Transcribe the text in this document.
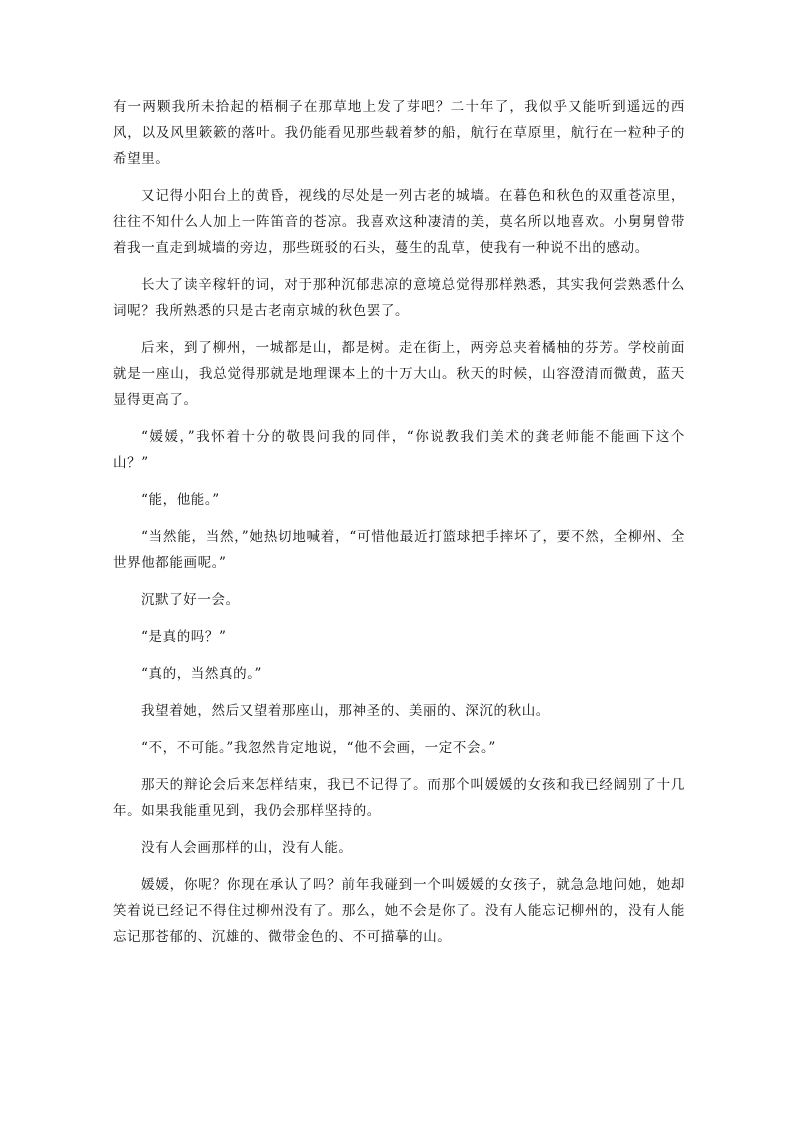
有一两颗我所未拾起的梧桐子在那草地上发了芽吧？二十年了，我似乎又能听到遥远的西风，以及风里簌簌的落叶。我仍能看见那些载着梦的船，航行在草原里，航行在一粒种子的希望里。

又记得小阳台上的黄昏，视线的尽处是一列古老的城墙。在暮色和秋色的双重苍凉里，往往不知什么人加上一阵笛音的苍凉。我喜欢这种凄清的美，莫名所以地喜欢。小舅舅曾带着我一直走到城墙的旁边，那些斑驳的石头，蔓生的乱草，使我有一种说不出的感动。

长大了读辛稼轩的词，对于那种沉郁悲凉的意境总觉得那样熟悉，其实我何尝熟悉什么词呢？我所熟悉的只是古老南京城的秋色罢了。

后来，到了柳州，一城都是山，都是树。走在街上，两旁总夹着橘柚的芬芳。学校前面就是一座山，我总觉得那就是地理课本上的十万大山。秋天的时候，山容澄清而微黄，蓝天显得更高了。

“媛媛，”我怀着十分的敬畏问我的同伴，“你说教我们美术的龚老师能不能画下这个山？”

“能，他能。”

“当然能，当然，”她热切地喊着，“可惜他最近打篮球把手摔坏了，要不然，全柳州、全世界他都能画呢。”

沉默了好一会。

“是真的吗？”

“真的，当然真的。”

我望着她，然后又望着那座山，那神圣的、美丽的、深沉的秋山。

“不，不可能。”我忽然肯定地说，“他不会画，一定不会。”

那天的辩论会后来怎样结束，我已不记得了。而那个叫媛媛的女孩和我已经阔别了十几年。如果我能重见到，我仍会那样坚持的。

没有人会画那样的山，没有人能。

媛媛，你呢？你现在承认了吗？前年我碰到一个叫媛媛的女孩子，就急急地问她，她却笑着说已经记不得住过柳州没有了。那么，她不会是你了。没有人能忘记柳州的，没有人能忘记那苍郁的、沉雄的、微带金色的、不可描摹的山。
